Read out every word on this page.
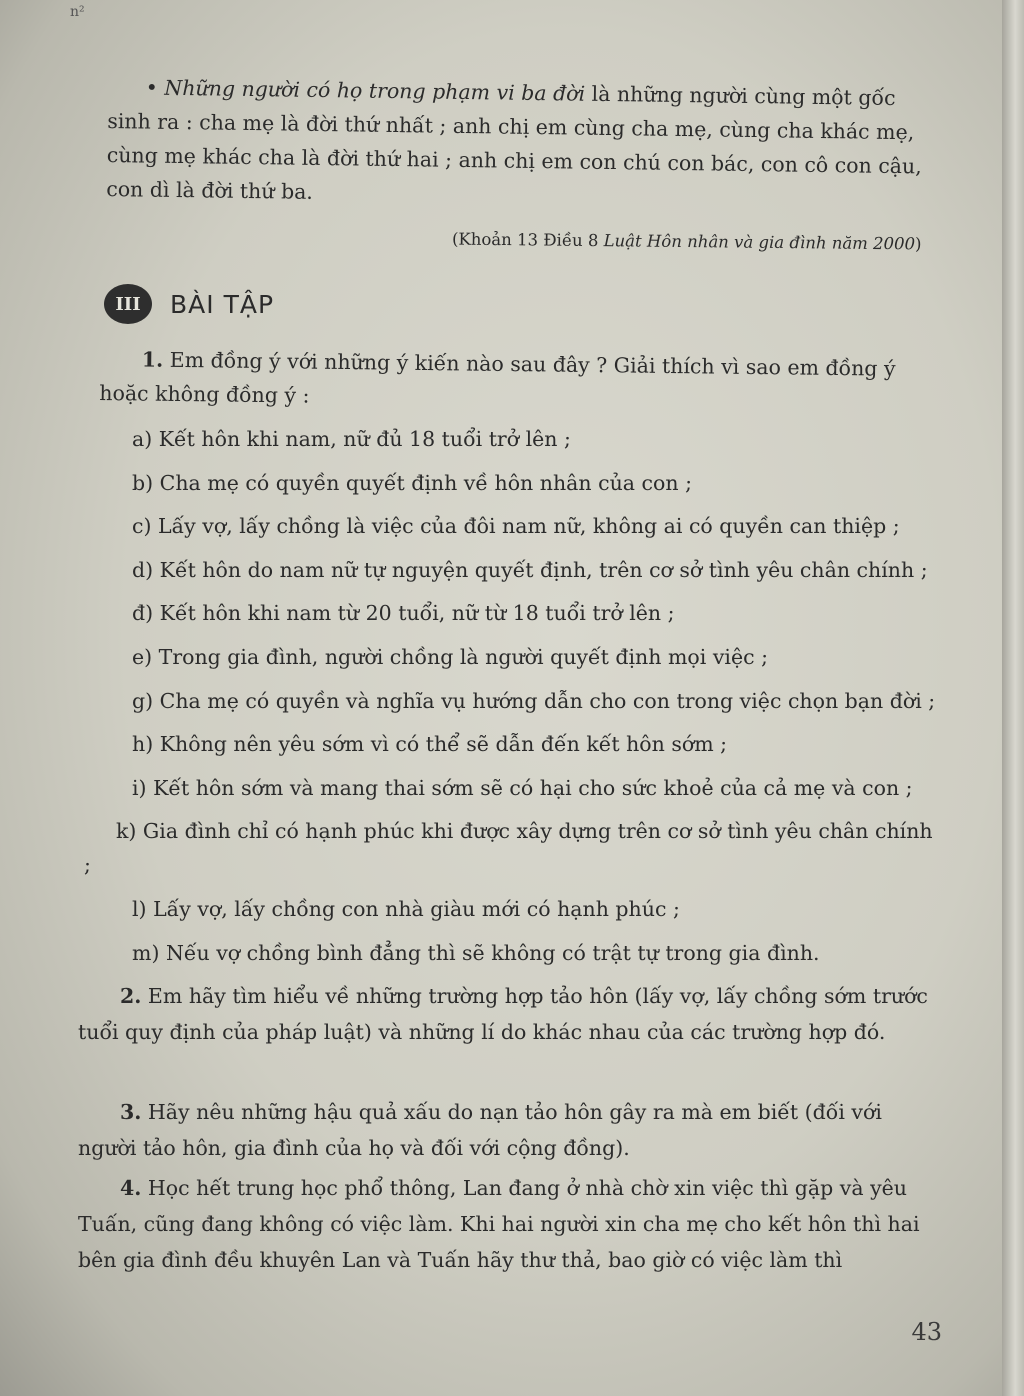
n²
• Những người có họ trong phạm vi ba đời là những người cùng một gốc sinh ra : cha mẹ là đời thứ nhất ; anh chị em cùng cha mẹ, cùng cha khác mẹ, cùng mẹ khác cha là đời thứ hai ; anh chị em con chú con bác, con cô con cậu, con dì là đời thứ ba.
(Khoản 13 Điều 8 Luật Hôn nhân và gia đình năm 2000)
III	BÀI TẬP
1. Em đồng ý với những ý kiến nào sau đây ? Giải thích vì sao em đồng ý hoặc không đồng ý :
a) Kết hôn khi nam, nữ đủ 18 tuổi trở lên ;
b) Cha mẹ có quyền quyết định về hôn nhân của con ;
c) Lấy vợ, lấy chồng là việc của đôi nam nữ, không ai có quyền can thiệp ;
d) Kết hôn do nam nữ tự nguyện quyết định, trên cơ sở tình yêu chân chính ;
đ) Kết hôn khi nam từ 20 tuổi, nữ từ 18 tuổi trở lên ;
e) Trong gia đình, người chồng là người quyết định mọi việc ;
g) Cha mẹ có quyền và nghĩa vụ hướng dẫn cho con trong việc chọn bạn đời ;
h) Không nên yêu sớm vì có thể sẽ dẫn đến kết hôn sớm ;
i) Kết hôn sớm và mang thai sớm sẽ có hại cho sức khoẻ của cả mẹ và con ;
k) Gia đình chỉ có hạnh phúc khi được xây dựng trên cơ sở tình yêu chân chính ;
l) Lấy vợ, lấy chồng con nhà giàu mới có hạnh phúc ;
m) Nếu vợ chồng bình đẳng thì sẽ không có trật tự trong gia đình.
2. Em hãy tìm hiểu về những trường hợp tảo hôn (lấy vợ, lấy chồng sớm trước tuổi quy định của pháp luật) và những lí do khác nhau của các trường hợp đó.
3. Hãy nêu những hậu quả xấu do nạn tảo hôn gây ra mà em biết (đối với người tảo hôn, gia đình của họ và đối với cộng đồng).
4. Học hết trung học phổ thông, Lan đang ở nhà chờ xin việc thì gặp và yêu Tuấn, cũng đang không có việc làm. Khi hai người xin cha mẹ cho kết hôn thì hai bên gia đình đều khuyên Lan và Tuấn hãy thư thả, bao giờ có việc làm thì
43
